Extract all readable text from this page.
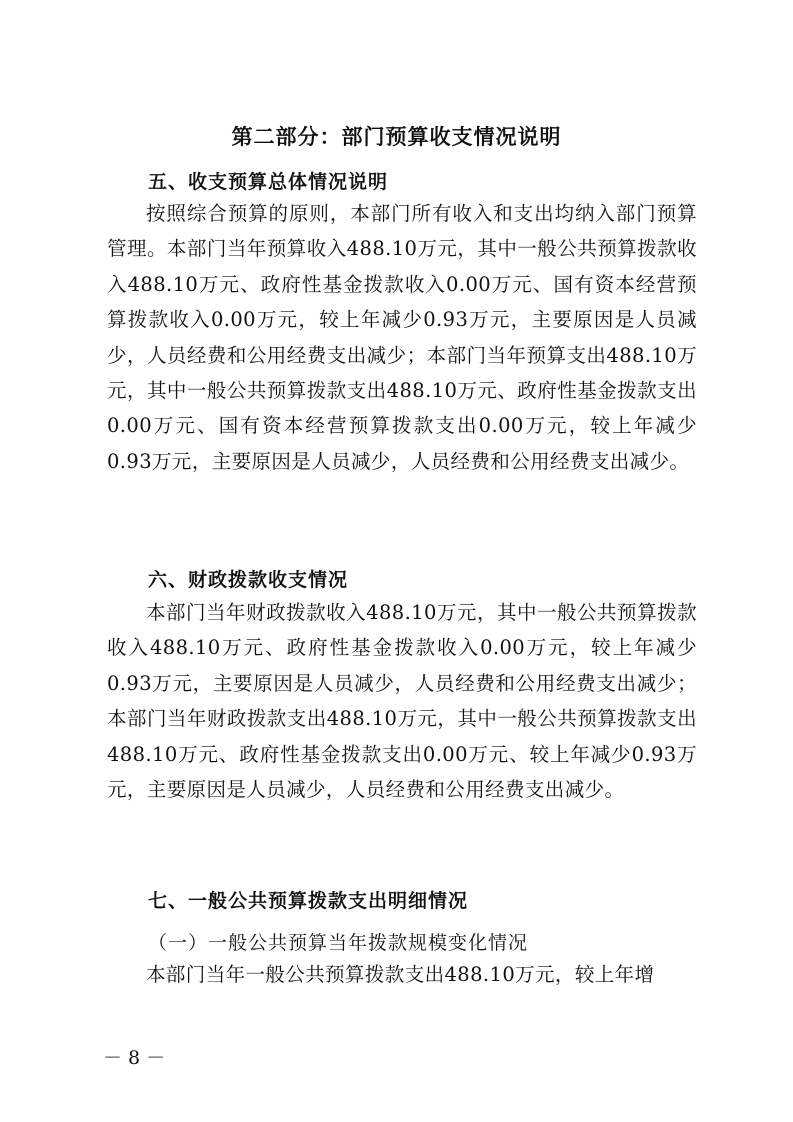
第二部分：部门预算收支情况说明
五、收支预算总体情况说明

按照综合预算的原则，本部门所有收入和支出均纳入部门预算管理。本部门当年预算收入488.10万元，其中一般公共预算拨款收入488.10万元、政府性基金拨款收入0.00万元、国有资本经营预算拨款收入0.00万元，较上年减少0.93万元，主要原因是人员减少，人员经费和公用经费支出减少；本部门当年预算支出488.10万元，其中一般公共预算拨款支出488.10万元、政府性基金拨款支出0.00万元、国有资本经营预算拨款支出0.00万元，较上年减少0.93万元，主要原因是人员减少，人员经费和公用经费支出减少。

六、财政拨款收支情况

本部门当年财政拨款收入488.10万元，其中一般公共预算拨款收入488.10万元、政府性基金拨款收入0.00万元，较上年减少0.93万元，主要原因是人员减少，人员经费和公用经费支出减少；本部门当年财政拨款支出488.10万元，其中一般公共预算拨款支出488.10万元、政府性基金拨款支出0.00万元、较上年减少0.93万元，主要原因是人员减少，人员经费和公用经费支出减少。

七、一般公共预算拨款支出明细情况
（一）一般公共预算当年拨款规模变化情况

本部门当年一般公共预算拨款支出488.10万元，较上年增

－ 8 －
